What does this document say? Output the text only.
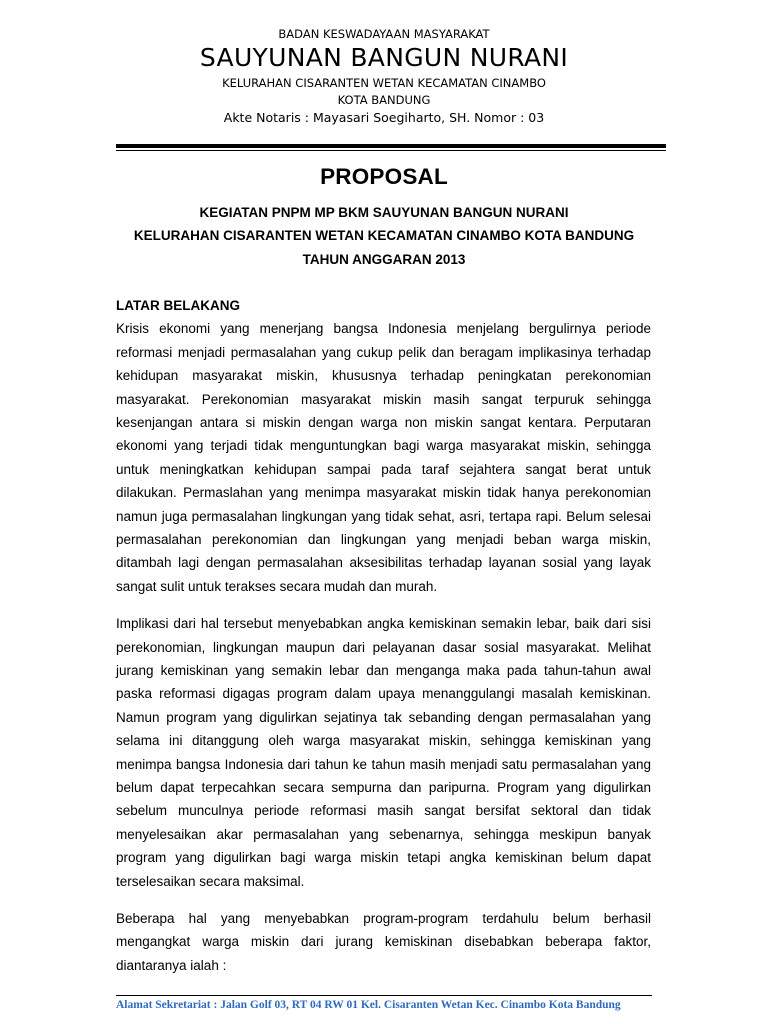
BADAN KESWADAYAAN MASYARAKAT
SAUYUNAN BANGUN NURANI
KELURAHAN CISARANTEN WETAN KECAMATAN CINAMBO
KOTA BANDUNG
Akte Notaris : Mayasari Soegiharto, SH. Nomor : 03
PROPOSAL
KEGIATAN PNPM MP BKM SAUYUNAN BANGUN NURANI
KELURAHAN CISARANTEN WETAN KECAMATAN CINAMBO KOTA BANDUNG
TAHUN ANGGARAN 2013
LATAR BELAKANG

Krisis ekonomi yang menerjang bangsa Indonesia menjelang bergulirnya periode reformasi menjadi permasalahan yang cukup pelik dan beragam implikasinya terhadap kehidupan masyarakat miskin, khususnya terhadap peningkatan perekonomian masyarakat. Perekonomian masyarakat miskin masih sangat terpuruk sehingga kesenjangan antara si miskin dengan warga non miskin sangat kentara. Perputaran ekonomi yang terjadi tidak menguntungkan bagi warga masyarakat miskin, sehingga untuk meningkatkan kehidupan sampai pada taraf sejahtera sangat berat untuk dilakukan. Permaslahan yang menimpa masyarakat miskin tidak hanya perekonomian namun juga permasalahan lingkungan yang tidak sehat, asri, tertapa rapi. Belum selesai permasalahan perekonomian dan lingkungan yang menjadi beban warga miskin, ditambah lagi dengan permasalahan aksesibilitas terhadap layanan sosial yang layak sangat sulit untuk terakses secara mudah dan murah.

Implikasi dari hal tersebut menyebabkan angka kemiskinan semakin lebar, baik dari sisi perekonomian, lingkungan maupun dari pelayanan dasar sosial masyarakat. Melihat jurang kemiskinan yang semakin lebar dan menganga maka pada tahun-tahun awal paska reformasi digagas program dalam upaya menanggulangi masalah kemiskinan. Namun program yang digulirkan sejatinya tak sebanding dengan permasalahan yang selama ini ditanggung oleh warga masyarakat miskin, sehingga kemiskinan yang menimpa bangsa Indonesia dari tahun ke tahun masih menjadi satu permasalahan yang belum dapat terpecahkan secara sempurna dan paripurna. Program yang digulirkan sebelum munculnya periode reformasi masih sangat bersifat sektoral dan tidak menyelesaikan akar permasalahan yang sebenarnya, sehingga meskipun banyak program yang digulirkan bagi warga miskin tetapi angka kemiskinan belum dapat terselesaikan secara maksimal.

Beberapa hal yang menyebabkan program-program terdahulu belum berhasil mengangkat warga miskin dari jurang kemiskinan disebabkan beberapa faktor, diantaranya ialah :

Alamat Sekretariat : Jalan Golf 03, RT 04 RW 01 Kel. Cisaranten Wetan Kec. Cinambo Kota Bandung
